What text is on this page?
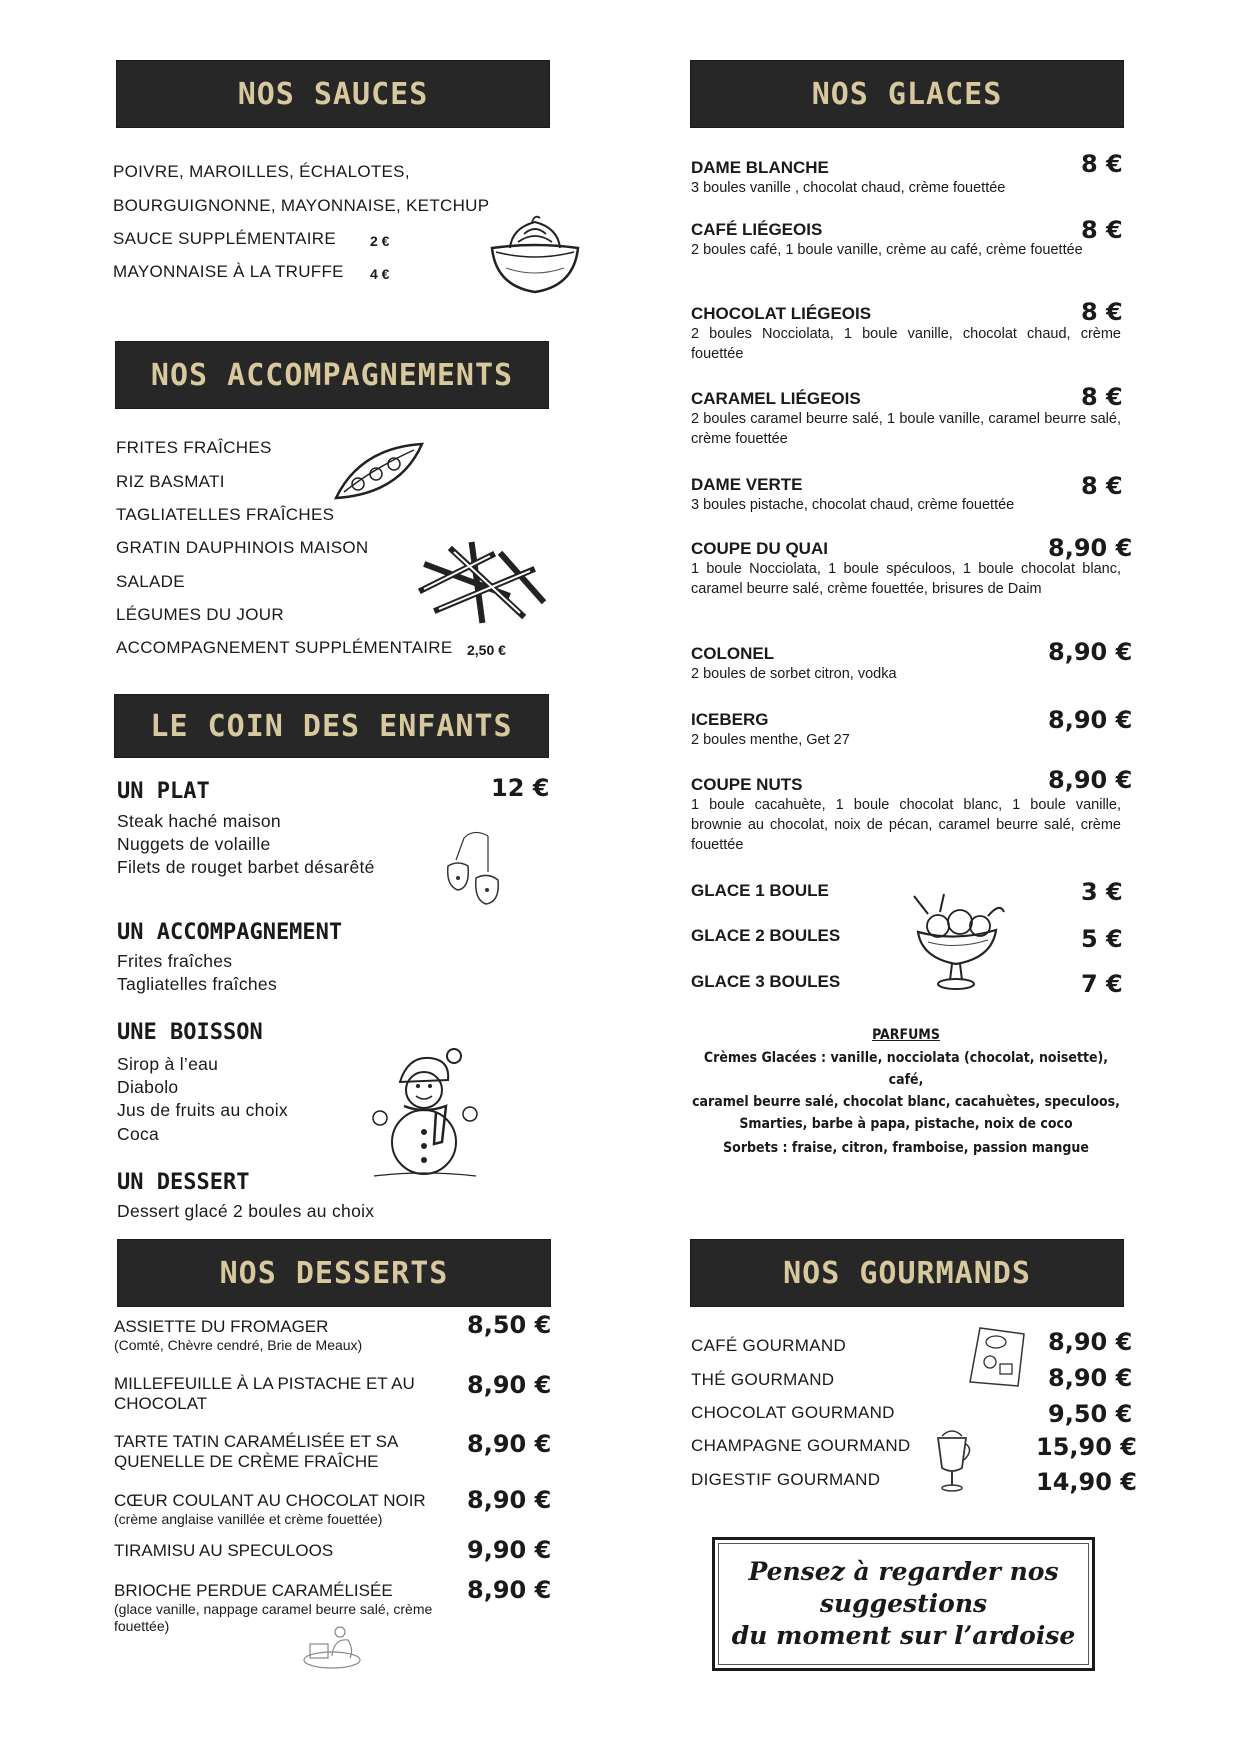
NOS SAUCES
POIVRE, MAROILLES, ÉCHALOTES,
BOURGUIGNONNE, MAYONNAISE, KETCHUP
SAUCE SUPPLÉMENTAIRE 2 €
MAYONNAISE À LA TRUFFE 4 €
NOS ACCOMPAGNEMENTS
FRITES FRAÎCHES
RIZ BASMATI
TAGLIATELLES FRAÎCHES
GRATIN DAUPHINOIS MAISON
SALADE
LÉGUMES DU JOUR
ACCOMPAGNEMENT SUPPLÉMENTAIRE 2,50 €
LE COIN DES ENFANTS
UN PLAT	12 €
Steak haché maison
Nuggets de volaille
Filets de rouget barbet désarêté
UN ACCOMPAGNEMENT
Frites fraîches
Tagliatelles fraîches
UNE BOISSON
Sirop à l’eau
Diabolo
Jus de fruits au choix
Coca
UN DESSERT
Dessert glacé 2 boules au choix
NOS DESSERTS
ASSIETTE DU FROMAGER
(Comté, Chèvre cendré, Brie de Meaux)
8,50 €
MILLEFEUILLE À LA PISTACHE ET AU CHOCOLAT
8,90 €
TARTE TATIN CARAMÉLISÉE ET SA QUENELLE DE CRÈME FRAÎCHE
8,90 €
CŒUR COULANT AU CHOCOLAT NOIR
(crème anglaise vanillée et crème fouettée)
8,90 €
TIRAMISU AU SPECULOOS	9,90 €
BRIOCHE PERDUE CARAMÉLISÉE
(glace vanille, nappage caramel beurre salé, crème fouettée)
8,90 €
NOS GLACES
DAME BLANCHE
3 boules vanille , chocolat chaud, crème fouettée
8 €
CAFÉ LIÉGEOIS
2 boules café, 1 boule vanille, crème au café, crème fouettée
8 €
CHOCOLAT LIÉGEOIS
2 boules Nocciolata, 1 boule vanille, chocolat chaud, crème fouettée
8 €
CARAMEL LIÉGEOIS
2 boules caramel beurre salé, 1 boule vanille, caramel beurre salé, crème fouettée
8 €
DAME VERTE
3 boules pistache, chocolat chaud, crème fouettée
8 €
COUPE DU QUAI
1 boule Nocciolata, 1 boule spéculoos, 1 boule chocolat blanc, caramel beurre salé, crème fouettée, brisures de Daim
8,90 €
COLONEL
2 boules de sorbet citron, vodka
8,90 €
ICEBERG
2 boules menthe, Get 27
8,90 €
COUPE NUTS
1 boule cacahuète, 1 boule chocolat blanc, 1 boule vanille, brownie au chocolat, noix de pécan, caramel beurre salé, crème fouettée
8,90 €
GLACE 1 BOULE	3 €
GLACE 2 BOULES	5 €
GLACE 3 BOULES	7 €
PARFUMS
Crèmes Glacées : vanille, nocciolata (chocolat, noisette), café,
caramel beurre salé, chocolat blanc, cacahuètes, speculoos,
Smarties, barbe à papa, pistache, noix de coco
Sorbets : fraise, citron, framboise, passion mangue
NOS GOURMANDS
CAFÉ GOURMAND	8,90 €
THÉ GOURMAND	8,90 €
CHOCOLAT GOURMAND	9,50 €
CHAMPAGNE GOURMAND	15,90 €
DIGESTIF GOURMAND	14,90 €
Pensez à regarder nos suggestions
du moment sur l’ardoise
